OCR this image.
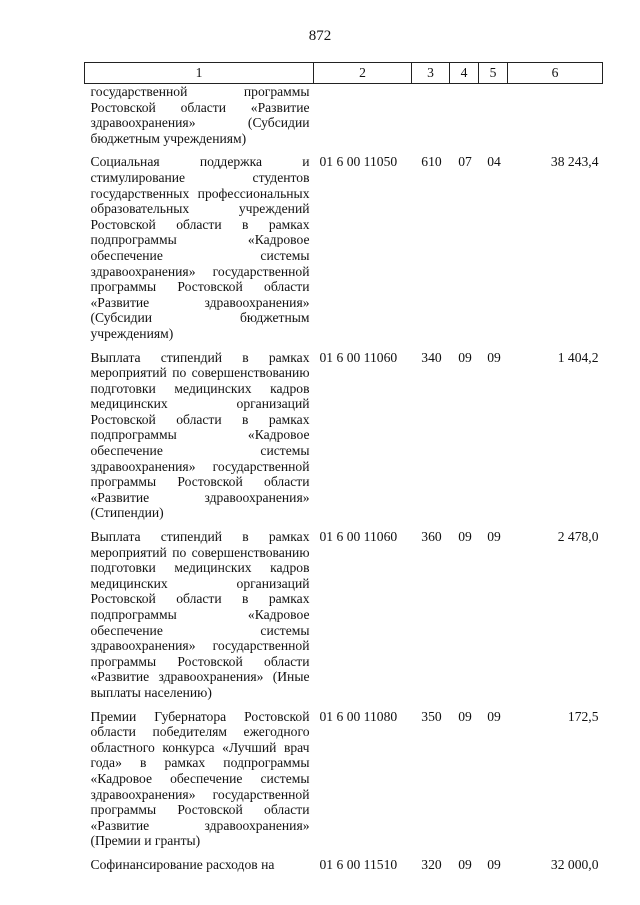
872
1	2	3	4	5	6
государственной программы Ростовской области «Развитие здравоохранения» (Субсидии бюджетным учреждениям)					

Социальная поддержка и стимулирование студентов государственных профессиональных образовательных учреждений Ростовской области в рамках подпрограммы «Кадровое обеспечение системы здравоохранения» государственной программы Ростовской области «Развитие здравоохранения» (Субсидии бюджетным учреждениям)	01 6 00 11050	610	07	04	38 243,4

Выплата стипендий в рамках мероприятий по совершенствованию подготовки медицинских кадров медицинских организаций Ростовской области в рамках подпрограммы «Кадровое обеспечение системы здравоохранения» государственной программы Ростовской области «Развитие здравоохранения» (Стипендии)	01 6 00 11060	340	09	09	1 404,2

Выплата стипендий в рамках мероприятий по совершенствованию подготовки медицинских кадров медицинских организаций Ростовской области в рамках подпрограммы «Кадровое обеспечение системы здравоохранения» государственной программы Ростовской области «Развитие здравоохранения» (Иные выплаты населению)	01 6 00 11060	360	09	09	2 478,0

Премии Губернатора Ростовской области победителям ежегодного областного конкурса «Лучший врач года» в рамках подпрограммы «Кадровое обеспечение системы здравоохранения» государственной программы Ростовской области «Развитие здравоохранения» (Премии и гранты)	01 6 00 11080	350	09	09	172,5

Софинансирование расходов на	01 6 00 11510	320	09	09	32 000,0
